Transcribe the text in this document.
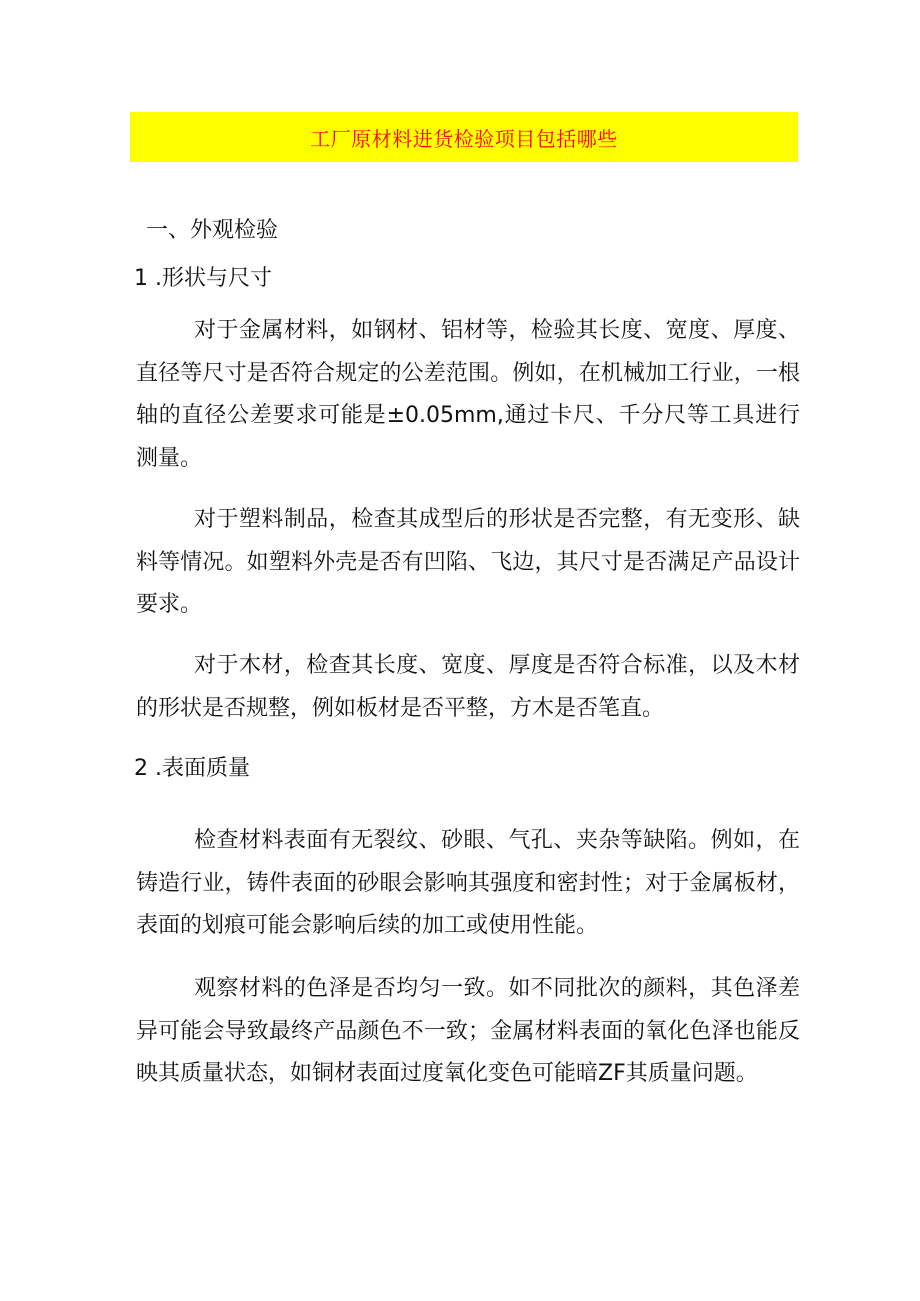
工厂原材料进货检验项目包括哪些
一、外观检验
1 .形状与尺寸

对于金属材料，如钢材、铝材等，检验其长度、宽度、厚度、直径等尺寸是否符合规定的公差范围。例如，在机械加工行业，一根轴的直径公差要求可能是±0.05mm,通过卡尺、千分尺等工具进行测量。

对于塑料制品，检查其成型后的形状是否完整，有无变形、缺料等情况。如塑料外壳是否有凹陷、飞边，其尺寸是否满足产品设计要求。

对于木材，检查其长度、宽度、厚度是否符合标准，以及木材的形状是否规整，例如板材是否平整，方木是否笔直。

2 .表面质量

检查材料表面有无裂纹、砂眼、气孔、夹杂等缺陷。例如，在铸造行业，铸件表面的砂眼会影响其强度和密封性；对于金属板材，表面的划痕可能会影响后续的加工或使用性能。

观察材料的色泽是否均匀一致。如不同批次的颜料，其色泽差异可能会导致最终产品颜色不一致；金属材料表面的氧化色泽也能反映其质量状态，如铜材表面过度氧化变色可能暗ZF其质量问题。
